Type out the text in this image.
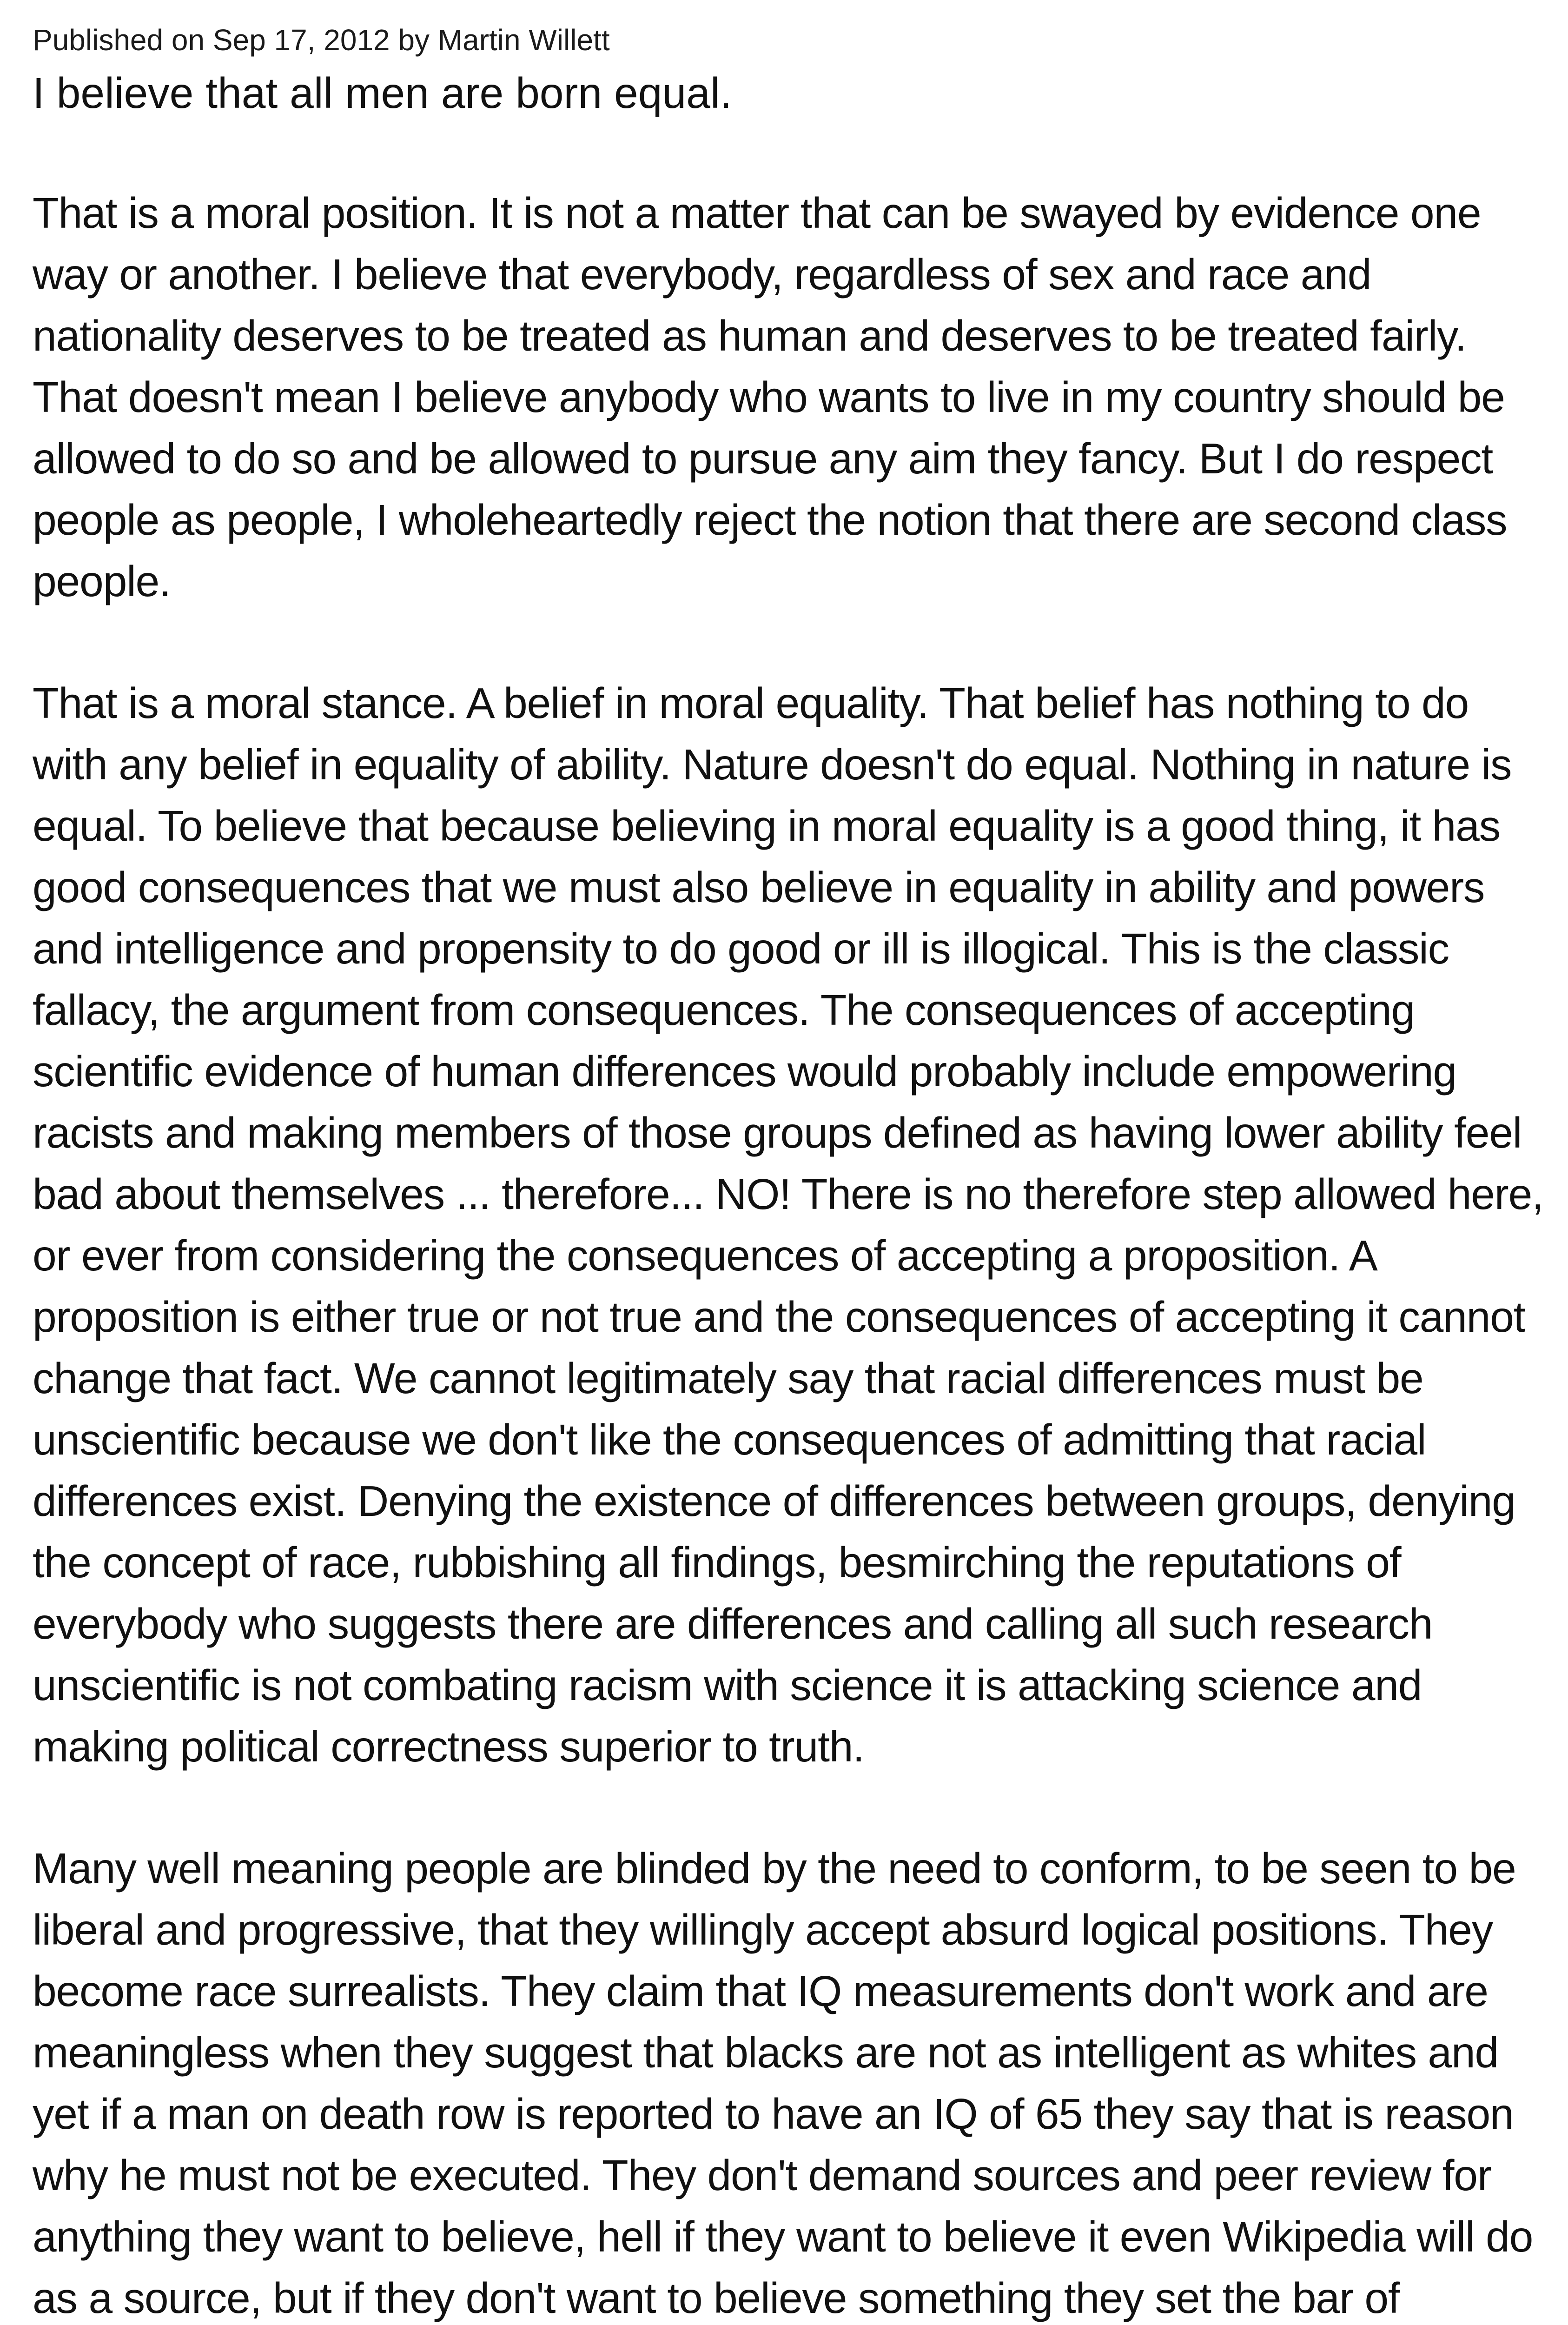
Published on Sep 17, 2012 by Martin Willett
I believe that all men are born equal.

That is a moral position. It is not a matter that can be swayed by evidence one way or another. I believe that everybody, regardless of sex and race and nationality deserves to be treated as human and deserves to be treated fairly. That doesn't mean I believe anybody who wants to live in my country should be allowed to do so and be allowed to pursue any aim they fancy. But I do respect people as people, I wholeheartedly reject the notion that there are second class people.

That is a moral stance. A belief in moral equality. That belief has nothing to do with any belief in equality of ability. Nature doesn't do equal. Nothing in nature is equal. To believe that because believing in moral equality is a good thing, it has good consequences that we must also believe in equality in ability and powers and intelligence and propensity to do good or ill is illogical. This is the classic fallacy, the argument from consequences. The consequences of accepting scientific evidence of human differences would probably include empowering racists and making members of those groups defined as having lower ability feel bad about themselves ... therefore... NO! There is no therefore step allowed here, or ever from considering the consequences of accepting a proposition. A proposition is either true or not true and the consequences of accepting it cannot change that fact. We cannot legitimately say that racial differences must be unscientific because we don't like the consequences of admitting that racial differences exist. Denying the existence of differences between groups, denying the concept of race, rubbishing all findings, besmirching the reputations of everybody who suggests there are differences and calling all such research unscientific is not combating racism with science it is attacking science and making political correctness superior to truth.

Many well meaning people are blinded by the need to conform, to be seen to be liberal and progressive, that they willingly accept absurd logical positions. They become race surrealists. They claim that IQ measurements don't work and are meaningless when they suggest that blacks are not as intelligent as whites and yet if a man on death row is reported to have an IQ of 65 they say that is reason why he must not be executed. They don't demand sources and peer review for anything they want to believe, hell if they want to believe it even Wikipedia will do as a source, but if they don't want to believe something they set the bar of
